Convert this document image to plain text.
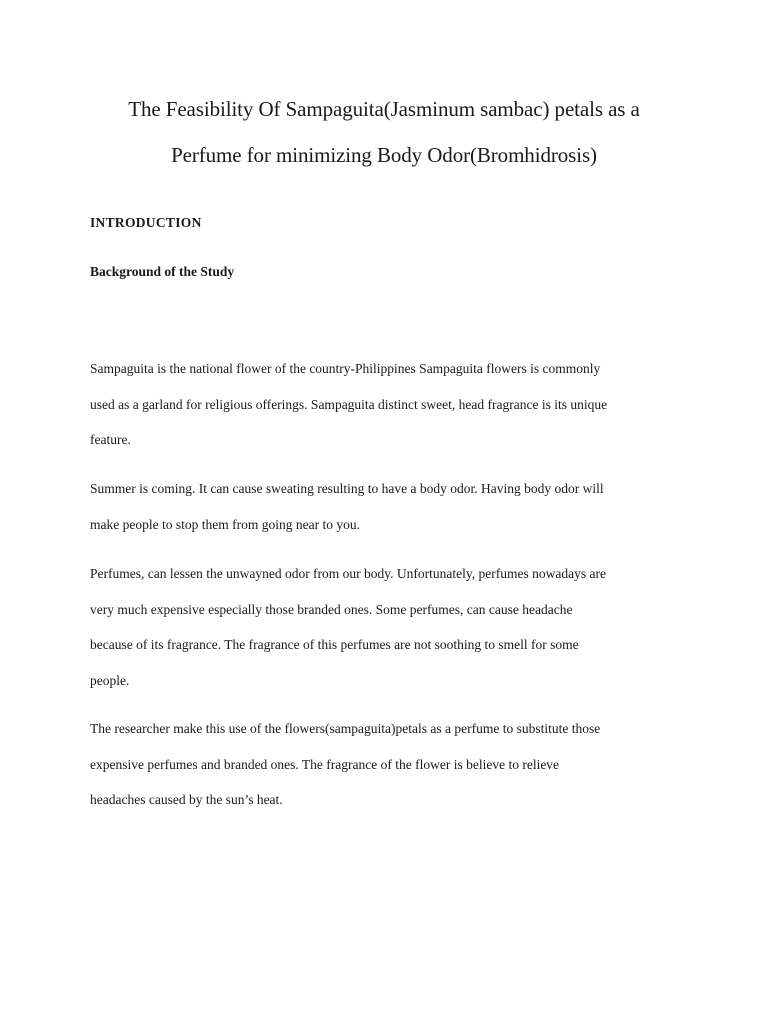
The Feasibility Of Sampaguita(Jasminum sambac) petals as a
Perfume for minimizing Body Odor(Bromhidrosis)
INTRODUCTION
Background of the Study

Sampaguita is the national flower of the country-Philippines Sampaguita flowers is commonly
used as a garland for religious offerings. Sampaguita distinct sweet, head fragrance is its unique
feature.

Summer is coming. It can cause sweating resulting to have a body odor. Having body odor will
make people to stop them from going near to you.

Perfumes, can lessen the unwayned odor from our body. Unfortunately, perfumes nowadays are
very much expensive especially those branded ones. Some perfumes, can cause headache
because of its fragrance. The fragrance of this perfumes are not soothing to smell for some
people.

The researcher make this use of the flowers(sampaguita)petals as a perfume to substitute those
expensive perfumes and branded ones. The fragrance of the flower is believe to relieve
headaches caused by the sun’s heat.
